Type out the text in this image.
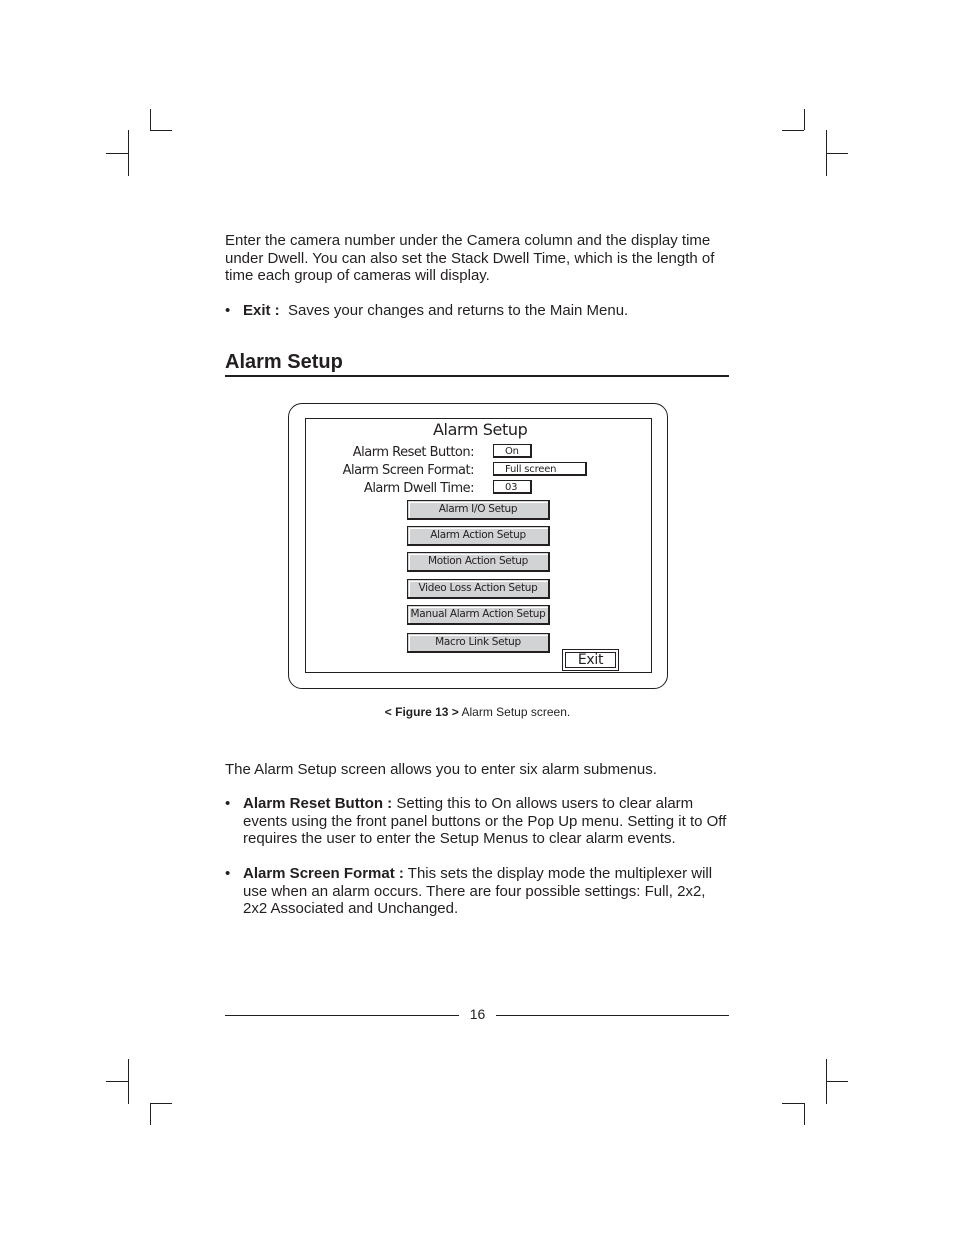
Enter the camera number under the Camera column and the display time under Dwell. You can also set the Stack Dwell Time, which is the length of time each group of cameras will display.
• Exit : Saves your changes and returns to the Main Menu.
Alarm Setup
Alarm Setup
Alarm Reset Button:	On
Alarm Screen Format:	Full screen
Alarm Dwell Time:	03
Alarm I/O Setup
Alarm Action Setup
Motion Action Setup
Video Loss Action Setup
Manual Alarm Action Setup
Macro Link Setup
Exit
< Figure 13 > Alarm Setup screen.
The Alarm Setup screen allows you to enter six alarm submenus.
• Alarm Reset Button : Setting this to On allows users to clear alarm events using the front panel buttons or the Pop Up menu. Setting it to Off requires the user to enter the Setup Menus to clear alarm events.
• Alarm Screen Format : This sets the display mode the multiplexer will use when an alarm occurs. There are four possible settings: Full, 2x2, 2x2 Associated and Unchanged.
16
